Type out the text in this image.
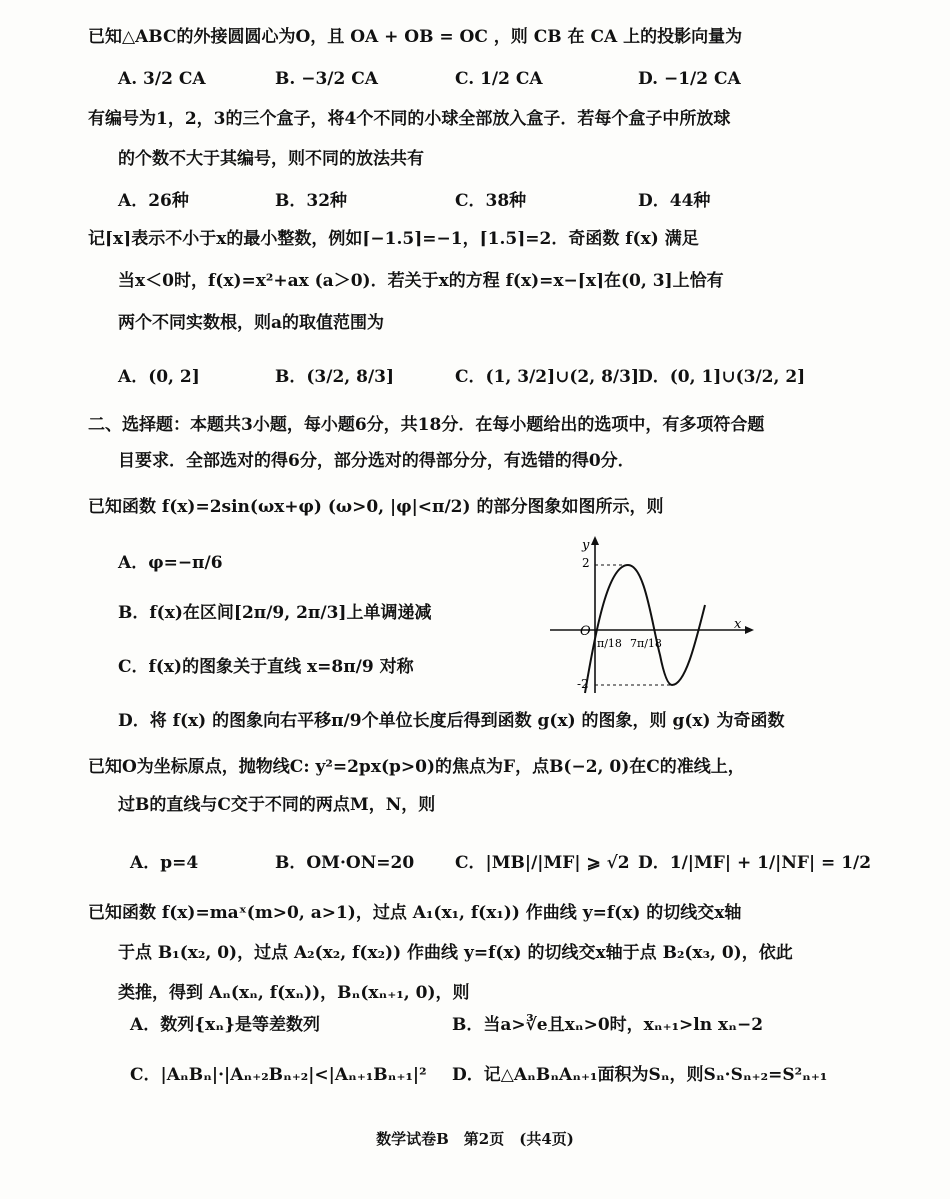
已知△ABC的外接圆圆心为O，且 OA + OB = OC ，则 CB 在 CA 上的投影向量为
A. 3/2 CA	B. −3/2 CA	C. 1/2 CA	D. −1/2 CA
有编号为1，2，3的三个盒子，将4个不同的小球全部放入盒子．若每个盒子中所放球
的个数不大于其编号，则不同的放法共有
A．26种	B．32种	C．38种	D．44种
记⌈x⌉表示不小于x的最小整数，例如⌈−1.5⌉=−1，⌈1.5⌉=2．奇函数 f(x) 满足
当x＜0时，f(x)=x²+ax (a＞0)．若关于x的方程 f(x)=x−⌈x⌉在(0, 3]上恰有
两个不同实数根，则a的取值范围为
A．(0, 2]	B．(3/2, 8/3]	C．(1, 3/2]∪(2, 8/3]
D．(0, 1]∪(3/2, 2]
二、选择题：本题共3小题，每小题6分，共18分．在每小题给出的选项中，有多项符合题
目要求．全部选对的得6分，部分选对的得部分分，有选错的得0分．
已知函数 f(x)=2sin(ωx+φ) (ω>0, |φ|<π/2) 的部分图象如图所示，则
A．φ=−π/6
B．f(x)在区间[2π/9, 2π/3]上单调递减
C．f(x)的图象关于直线 x=8π/9 对称
D．将 f(x) 的图象向右平移π/9个单位长度后得到函数 g(x) 的图象，则 g(x) 为奇函数
y
x
O
2
-2
π/18 7π/18
已知O为坐标原点，抛物线C: y²=2px(p>0)的焦点为F，点B(−2, 0)在C的准线上，
过B的直线与C交于不同的两点M，N，则
A．p=4	B．OM·ON=20 C．|MB|/|MF| ⩾ √2 D．1/|MF| + 1/|NF| = 1/2
已知函数 f(x)=maˣ(m>0, a>1)，过点 A₁(x₁, f(x₁)) 作曲线 y=f(x) 的切线交x轴
于点 B₁(x₂, 0)，过点 A₂(x₂, f(x₂)) 作曲线 y=f(x) 的切线交x轴于点 B₂(x₃, 0)，依此
类推，得到 Aₙ(xₙ, f(xₙ))，Bₙ(xₙ₊₁, 0)，则
A．数列{xₙ}是等差数列	B．当a>∛e且xₙ>0时，xₙ₊₁>ln xₙ−2
C．|AₙBₙ|·|Aₙ₊₂Bₙ₊₂|<|Aₙ₊₁Bₙ₊₁|² D．记△AₙBₙAₙ₊₁面积为Sₙ，则Sₙ·Sₙ₊₂=S²ₙ₊₁
数学试卷B　第2页　(共4页)
